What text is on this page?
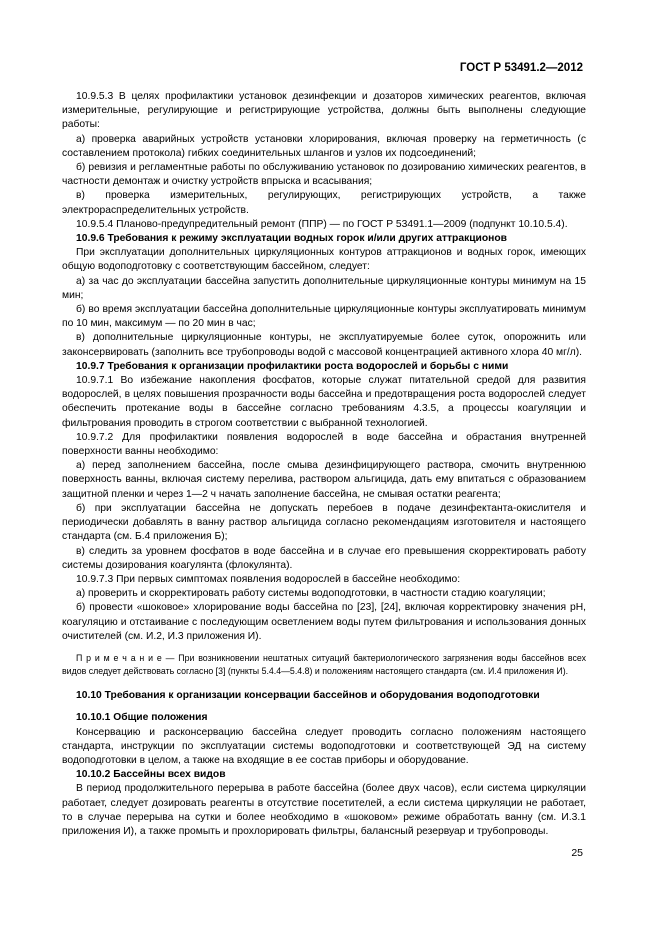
ГОСТ Р 53491.2—2012

10.9.5.3 В целях профилактики установок дезинфекции и дозаторов химических реагентов, включая измерительные, регулирующие и регистрирующие устройства, должны быть выполнены следующие работы:

а) проверка аварийных устройств установки хлорирования, включая проверку на герметичность (с составлением протокола) гибких соединительных шлангов и узлов их подсоединений;

б) ревизия и регламентные работы по обслуживанию установок по дозированию химических реагентов, в частности демонтаж и очистку устройств впрыска и всасывания;

в) проверка измерительных, регулирующих, регистрирующих устройств, а также электрораспределительных устройств.

10.9.5.4 Планово-предупредительный ремонт (ППР) — по ГОСТ Р 53491.1—2009 (подпункт 10.10.5.4).

10.9.6 Требования к режиму эксплуатации водных горок и/или других аттракционов

При эксплуатации дополнительных циркуляционных контуров аттракционов и водных горок, имеющих общую водоподготовку с соответствующим бассейном, следует:

а) за час до эксплуатации бассейна запустить дополнительные циркуляционные контуры минимум на 15 мин;

б) во время эксплуатации бассейна дополнительные циркуляционные контуры эксплуатировать минимум по 10 мин, максимум — по 20 мин в час;

в) дополнительные циркуляционные контуры, не эксплуатируемые более суток, опорожнить или законсервировать (заполнить все трубопроводы водой с массовой концентрацией активного хлора 40 мг/л).

10.9.7 Требования к организации профилактики роста водорослей и борьбы с ними

10.9.7.1 Во избежание накопления фосфатов, которые служат питательной средой для развития водорослей, в целях повышения прозрачности воды бассейна и предотвращения роста водорослей следует обеспечить протекание воды в бассейне согласно требованиям 4.3.5, а процессы коагуляции и фильтрования проводить в строгом соответствии с выбранной технологией.

10.9.7.2 Для профилактики появления водорослей в воде бассейна и обрастания внутренней поверхности ванны необходимо:

а) перед заполнением бассейна, после смыва дезинфицирующего раствора, смочить внутреннюю поверхность ванны, включая систему перелива, раствором альгицида, дать ему впитаться с образованием защитной пленки и через 1—2 ч начать заполнение бассейна, не смывая остатки реагента;

б) при эксплуатации бассейна не допускать перебоев в подаче дезинфектанта-окислителя и периодически добавлять в ванну раствор альгицида согласно рекомендациям изготовителя и настоящего стандарта (см. Б.4 приложения Б);

в) следить за уровнем фосфатов в воде бассейна и в случае его превышения скорректировать работу системы дозирования коагулянта (флокулянта).

10.9.7.3 При первых симптомах появления водорослей в бассейне необходимо:

а) проверить и скорректировать работу системы водоподготовки, в частности стадию коагуляции;

б) провести «шоковое» хлорирование воды бассейна по [23], [24], включая корректировку значения pH, коагуляцию и отстаивание с последующим осветлением воды путем фильтрования и использования донных очистителей (см. И.2, И.3 приложения И).

П р и м е ч а н и е — При возникновении нештатных ситуаций бактериологического загрязнения воды бассейнов всех видов следует действовать согласно [3] (пункты 5.4.4—5.4.8) и положениям настоящего стандарта (см. И.4 приложения И).

10.10 Требования к организации консервации бассейнов и оборудования водоподготовки

10.10.1 Общие положения

Консервацию и расконсервацию бассейна следует проводить согласно положениям настоящего стандарта, инструкции по эксплуатации системы водоподготовки и соответствующей ЭД на систему водоподготовки в целом, а также на входящие в ее состав приборы и оборудование.

10.10.2 Бассейны всех видов

В период продолжительного перерыва в работе бассейна (более двух часов), если система циркуляции работает, следует дозировать реагенты в отсутствие посетителей, а если система циркуляции не работает, то в случае перерыва на сутки и более необходимо в «шоковом» режиме обработать ванну (см. И.3.1 приложения И), а также промыть и прохлорировать фильтры, балансный резервуар и трубопроводы.

25
